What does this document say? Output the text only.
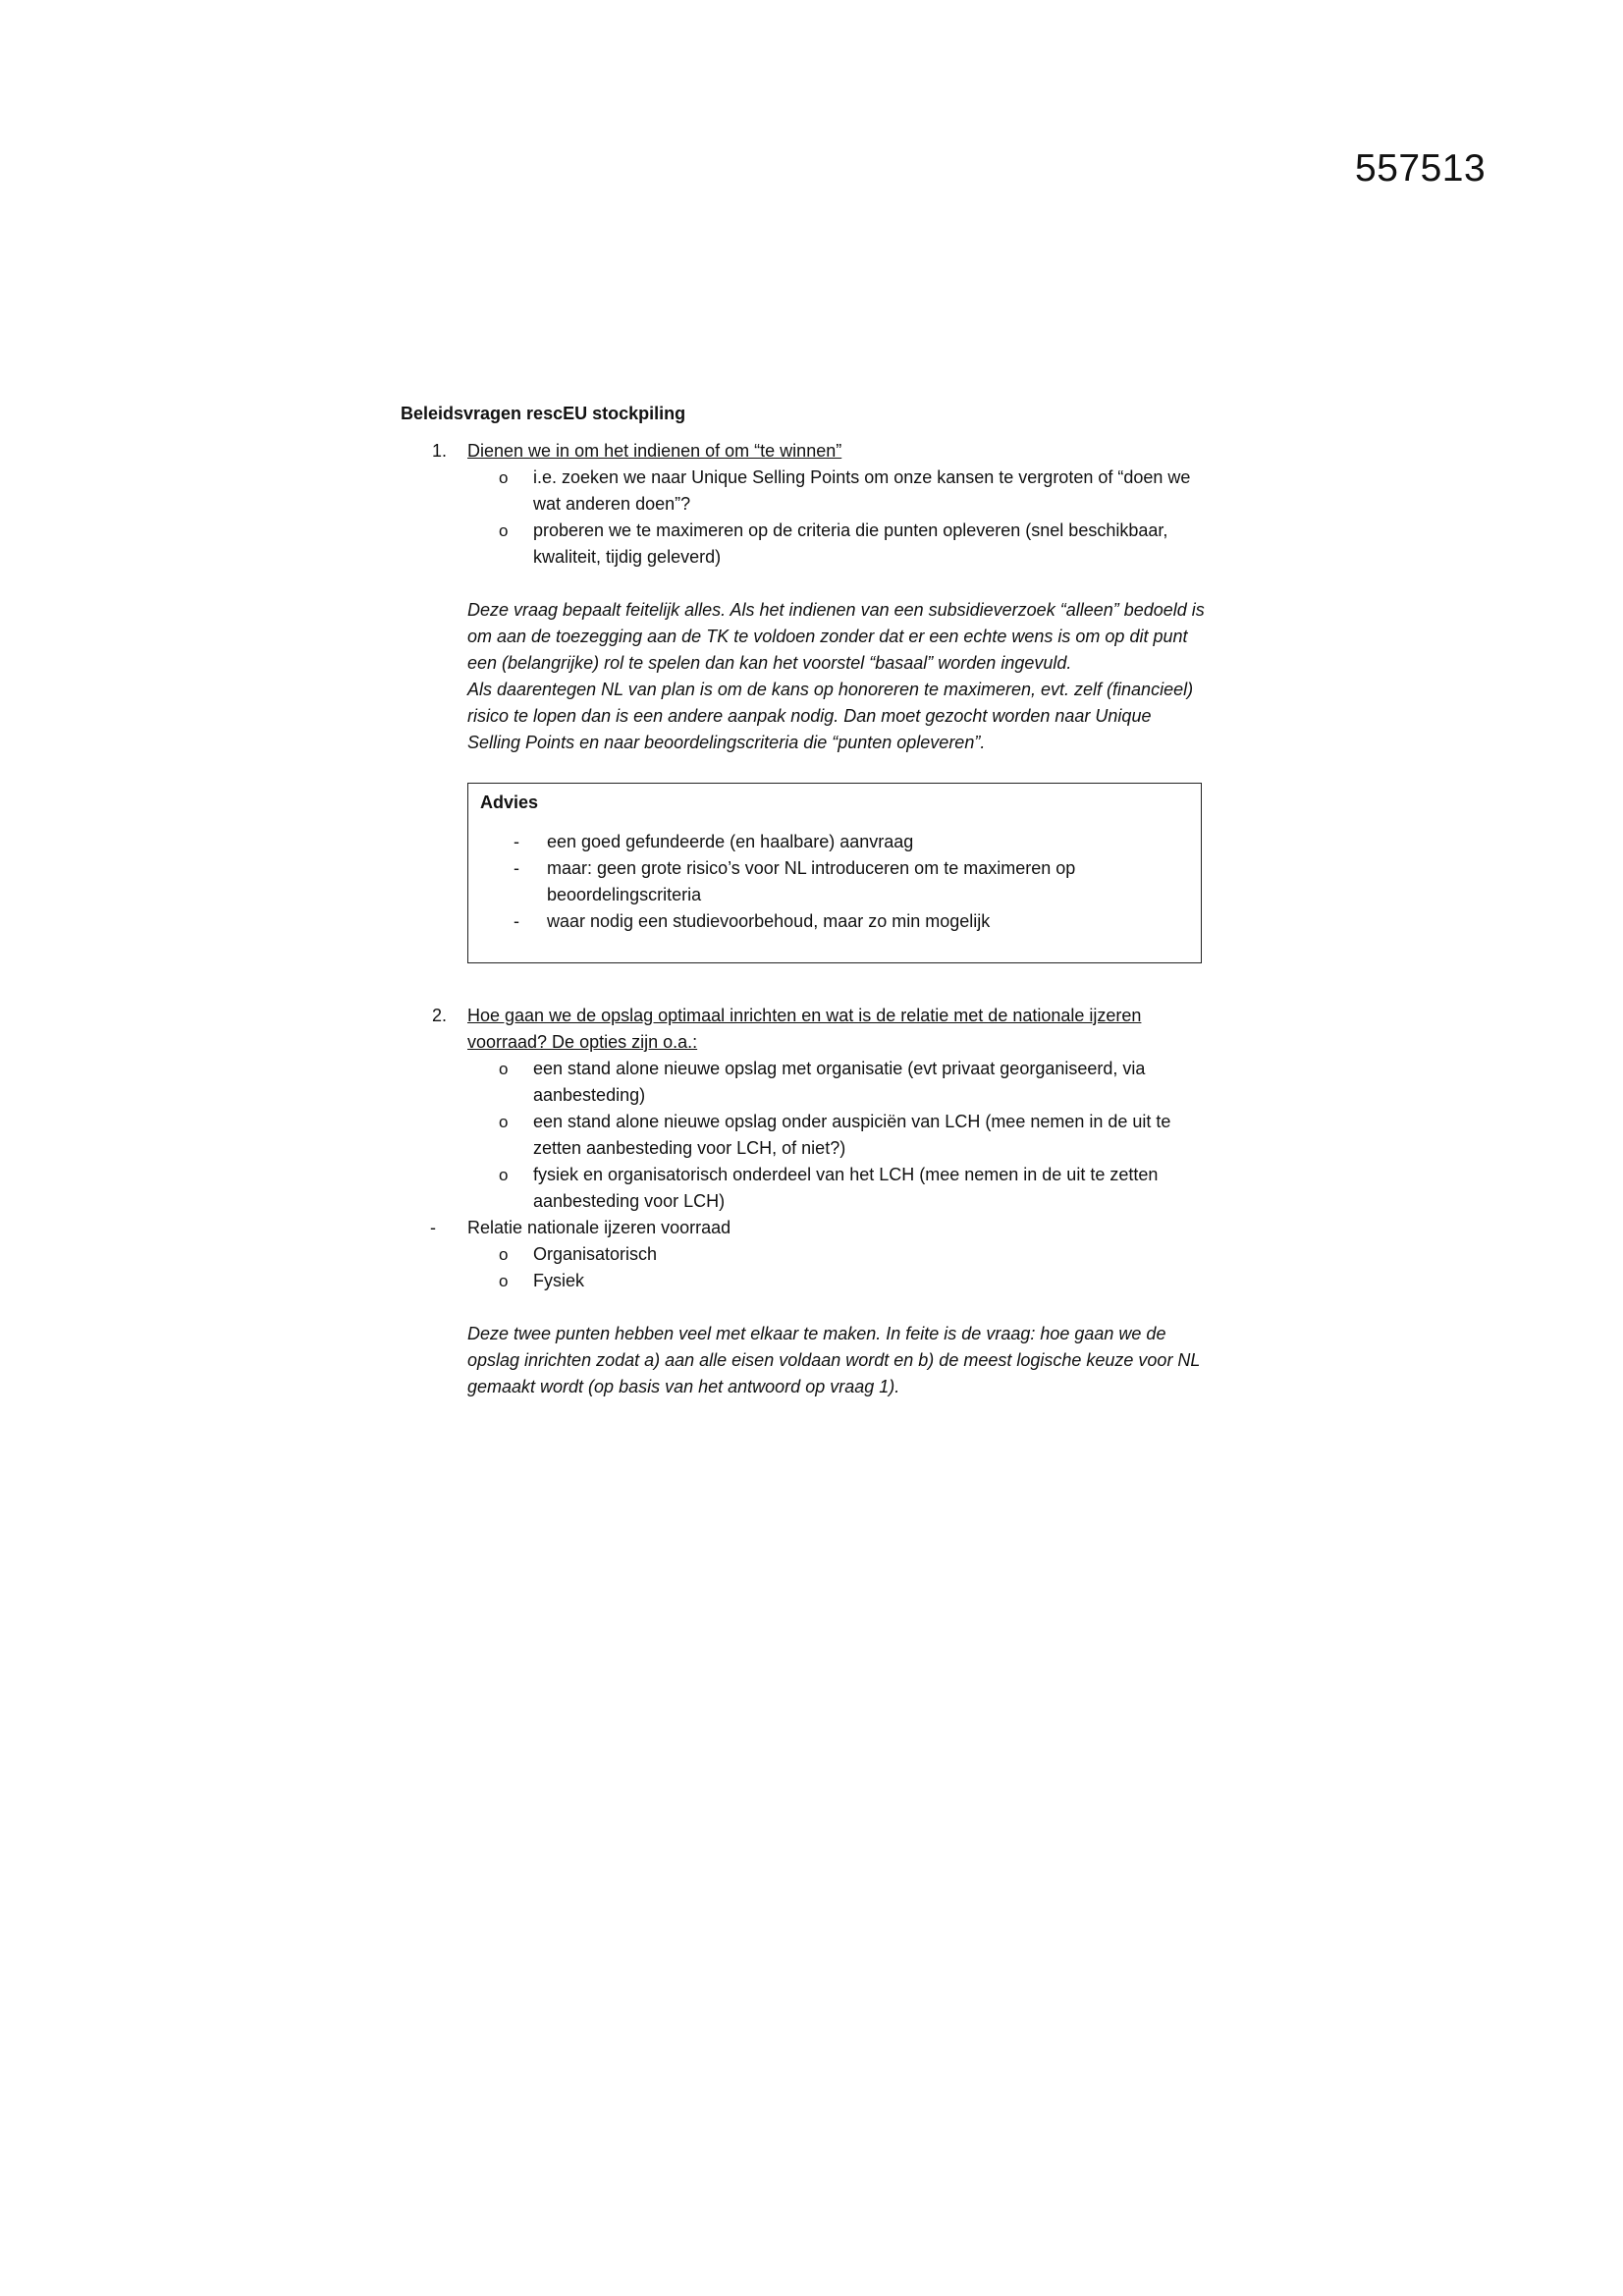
557513
Beleidsvragen rescEU stockpiling
1. Dienen we in om het indienen of om “te winnen”
o i.e. zoeken we naar Unique Selling Points om onze kansen te vergroten of “doen we
wat anderen doen”?
o proberen we te maximeren op de criteria die punten opleveren (snel beschikbaar,
kwaliteit, tijdig geleverd)
Deze vraag bepaalt feitelijk alles. Als het indienen van een subsidieverzoek “alleen” bedoeld is
om aan de toezegging aan de TK te voldoen zonder dat er een echte wens is om op dit punt
een (belangrijke) rol te spelen dan kan het voorstel “basaal” worden ingevuld.
Als daarentegen NL van plan is om de kans op honoreren te maximeren, evt. zelf (financieel)
risico te lopen dan is een andere aanpak nodig. Dan moet gezocht worden naar Unique
Selling Points en naar beoordelingscriteria die “punten opleveren”.
Advies
- een goed gefundeerde (en haalbare) aanvraag
- maar: geen grote risico’s voor NL introduceren om te maximeren op
beoordelingscriteria
- waar nodig een studievoorbehoud, maar zo min mogelijk
2. Hoe gaan we de opslag optimaal inrichten en wat is de relatie met de nationale ijzeren
voorraad? De opties zijn o.a.:
o een stand alone nieuwe opslag met organisatie (evt privaat georganiseerd, via
aanbesteding)
o een stand alone nieuwe opslag onder auspiciën van LCH (mee nemen in de uit te
zetten aanbesteding voor LCH, of niet?)
o fysiek en organisatorisch onderdeel van het LCH (mee nemen in de uit te zetten
aanbesteding voor LCH)
- Relatie nationale ijzeren voorraad
o Organisatorisch
o Fysiek
Deze twee punten hebben veel met elkaar te maken. In feite is de vraag: hoe gaan we de
opslag inrichten zodat a) aan alle eisen voldaan wordt en b) de meest logische keuze voor NL
gemaakt wordt (op basis van het antwoord op vraag 1).
